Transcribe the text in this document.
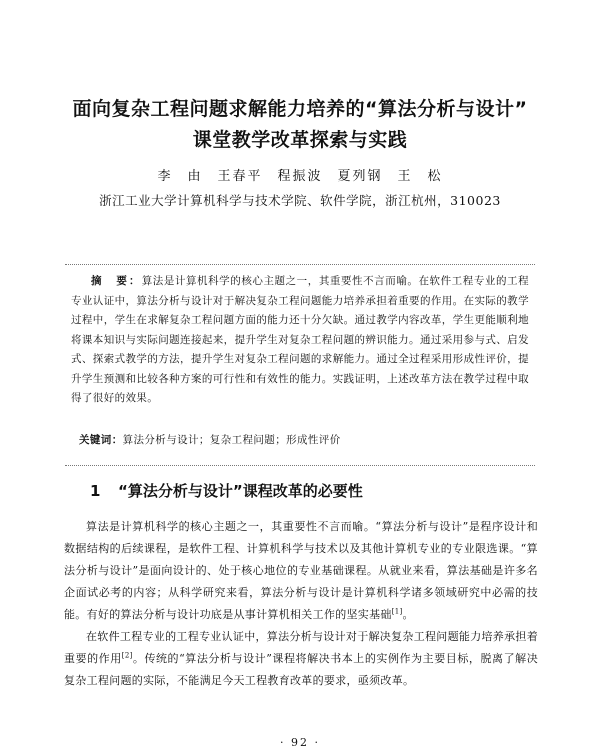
面向复杂工程问题求解能力培养的“算法分析与设计”
课堂教学改革探索与实践
李　由　王春平　程振波　夏列钢　王　松
浙江工业大学计算机科学与技术学院、软件学院，浙江杭州，310023
摘　要：算法是计算机科学的核心主题之一，其重要性不言而喻。在软件工程专业的工程专业认证中，算法分析与设计对于解决复杂工程问题能力培养承担着重要的作用。在实际的教学过程中，学生在求解复杂工程问题方面的能力还十分欠缺。通过教学内容改革，学生更能顺利地将课本知识与实际问题连接起来，提升学生对复杂工程问题的辨识能力。通过采用参与式、启发式、探索式教学的方法，提升学生对复杂工程问题的求解能力。通过全过程采用形成性评价，提升学生预测和比较各种方案的可行性和有效性的能力。实践证明，上述改革方法在教学过程中取得了很好的效果。
关键词：算法分析与设计；复杂工程问题；形成性评价
1 “算法分析与设计”课程改革的必要性
算法是计算机科学的核心主题之一，其重要性不言而喻。“算法分析与设计”是程序设计和数据结构的后续课程，是软件工程、计算机科学与技术以及其他计算机专业的专业限选课。“算法分析与设计”是面向设计的、处于核心地位的专业基础课程。从就业来看，算法基础是许多名企面试必考的内容；从科学研究来看，算法分析与设计是计算机科学诸多领域研究中必需的技能。有好的算法分析与设计功底是从事计算机相关工作的坚实基础[1]。
在软件工程专业的工程专业认证中，算法分析与设计对于解决复杂工程问题能力培养承担着重要的作用[2]。传统的“算法分析与设计”课程将解决书本上的实例作为主要目标，脱离了解决复杂工程问题的实际，不能满足今天工程教育改革的要求，亟须改革。
· 92 ·
